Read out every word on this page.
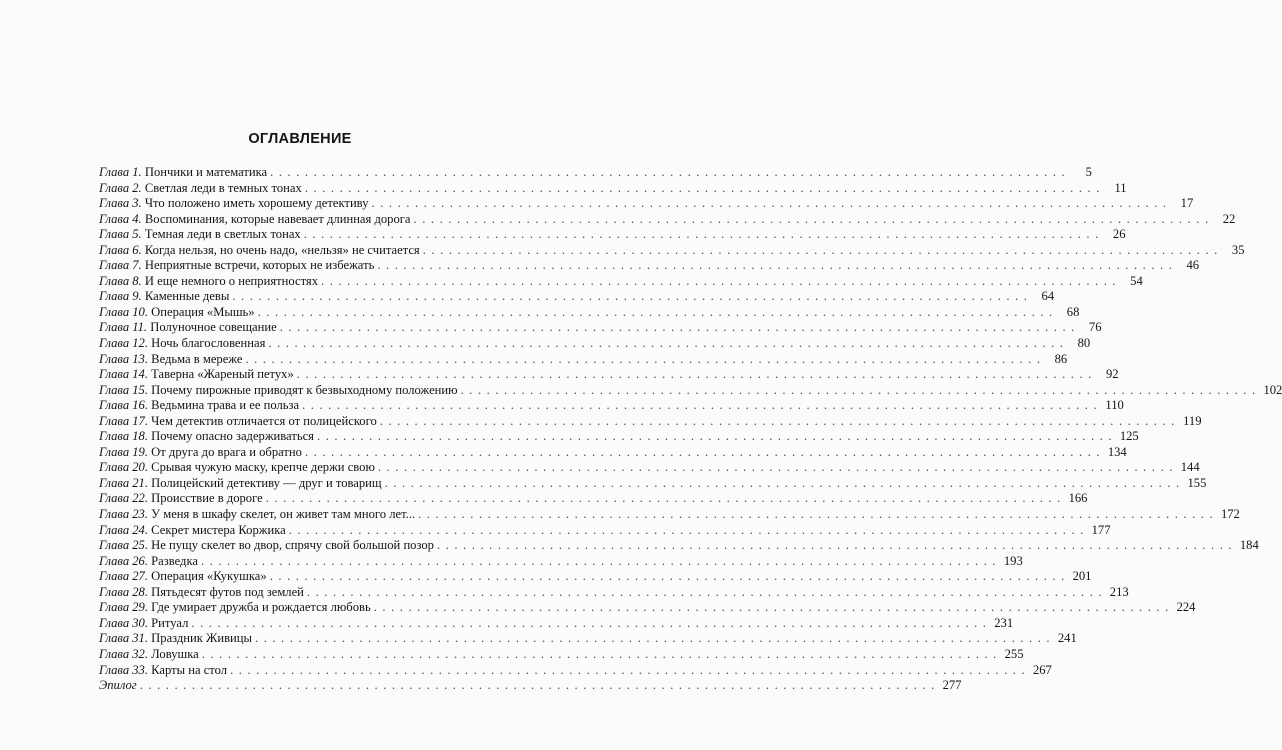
ОГЛАВЛЕНИЕ
Глава 1. Пончики и математика . . .	5
Глава 2. Светлая леди в темных тонах . . .	11
Глава 3. Что положено иметь хорошему детективу . . .	17
Глава 4. Воспоминания, которые навевает длинная дорога . . .	22
Глава 5. Темная леди в светлых тонах . . .	26
Глава 6. Когда нельзя, но очень надо, «нельзя» не считается . . .	35
Глава 7. Неприятные встречи, которых не избежать . . .	46
Глава 8. И еще немного о неприятностях . . .	54
Глава 9. Каменные девы . . .	64
Глава 10. Операция «Мышь» . . .	68
Глава 11. Полуночное совещание . . .	76
Глава 12. Ночь благословенная . . .	80
Глава 13. Ведьма в мереже . . .	86
Глава 14. Таверна «Жареный петух» . . .	92
Глава 15. Почему пирожные приводят к безвыходному положению . . .	102
Глава 16. Ведьмина трава и ее польза . . .	110
Глава 17. Чем детектив отличается от полицейского . . .	119
Глава 18. Почему опасно задерживаться . . .	125
Глава 19. От друга до врага и обратно . . .	134
Глава 20. Срывая чужую маску, крепче держи свою . . .	144
Глава 21. Полицейский детективу — друг и товарищ . . .	155
Глава 22. Происствие в дороге . . .	166
Глава 23. У меня в шкафу скелет, он живет там много лет... . . .	172
Глава 24. Секрет мистера Коржика . . .	177
Глава 25. Не пущу скелет во двор, спрячу свой большой позор . . .	184
Глава 26. Разведка . . .	193
Глава 27. Операция «Кукушка» . . .	201
Глава 28. Пятьдесят футов под землей . . .	213
Глава 29. Где умирает дружба и рождается любовь . . .	224
Глава 30. Ритуал . . .	231
Глава 31. Праздник Живицы . . .	241
Глава 32. Ловушка . . .	255
Глава 33. Карты на стол . . .	267
Эпилог . . .	277
